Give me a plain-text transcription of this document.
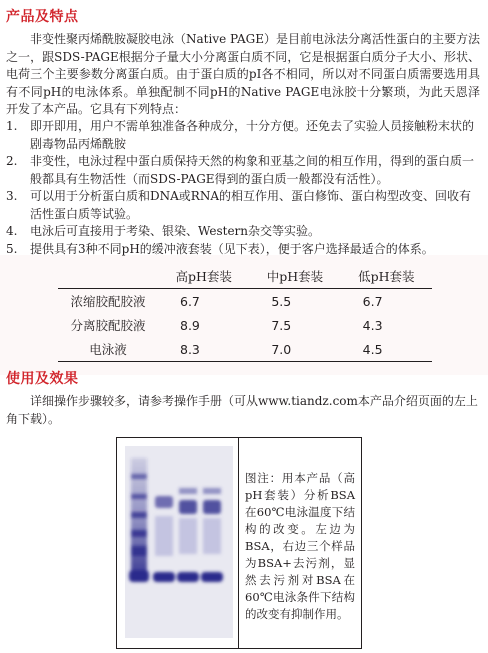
产品及特点

非变性聚丙烯酰胺凝胶电泳（Native PAGE）是目前电泳法分离活性蛋白的主要方法之一，跟SDS-PAGE根据分子量大小分离蛋白质不同，它是根据蛋白质分子大小、形状、电荷三个主要参数分离蛋白质。由于蛋白质的pI各不相同，所以对不同蛋白质需要选用具有不同pH的电泳体系。单独配制不同pH的Native PAGE电泳胶十分繁琐，为此天恩泽开发了本产品。它具有下列特点：

1. 即开即用，用户不需单独准备各种成分，十分方便。还免去了实验人员接触粉末状的剧毒物品丙烯酰胺
2. 非变性，电泳过程中蛋白质保持天然的构象和亚基之间的相互作用，得到的蛋白质一般都具有生物活性（而SDS-PAGE得到的蛋白质一般都没有活性）。
3. 可以用于分析蛋白质和DNA或RNA的相互作用、蛋白修饰、蛋白构型改变、回收有活性蛋白质等试验。
4. 电泳后可直接用于考染、银染、Western杂交等实验。
5. 提供具有3种不同pH的缓冲液套装（见下表），便于客户选择最适合的体系。
	高pH套装	中pH套装	低pH套装
浓缩胶配胶液	6.7	5.5	6.7
分离胶配胶液	8.9	7.5	4.3
电泳液	8.3	7.0	4.5
使用及效果

详细操作步骤较多，请参考操作手册（可从www.tiandz.com本产品介绍页面的左上角下载）。

图注：用本产品（高pH套装）分析BSA在60℃电泳温度下结构的改变。左边为BSA，右边三个样品为BSA+去污剂，显然去污剂对BSA在60℃电泳条件下结构的改变有抑制作用。
